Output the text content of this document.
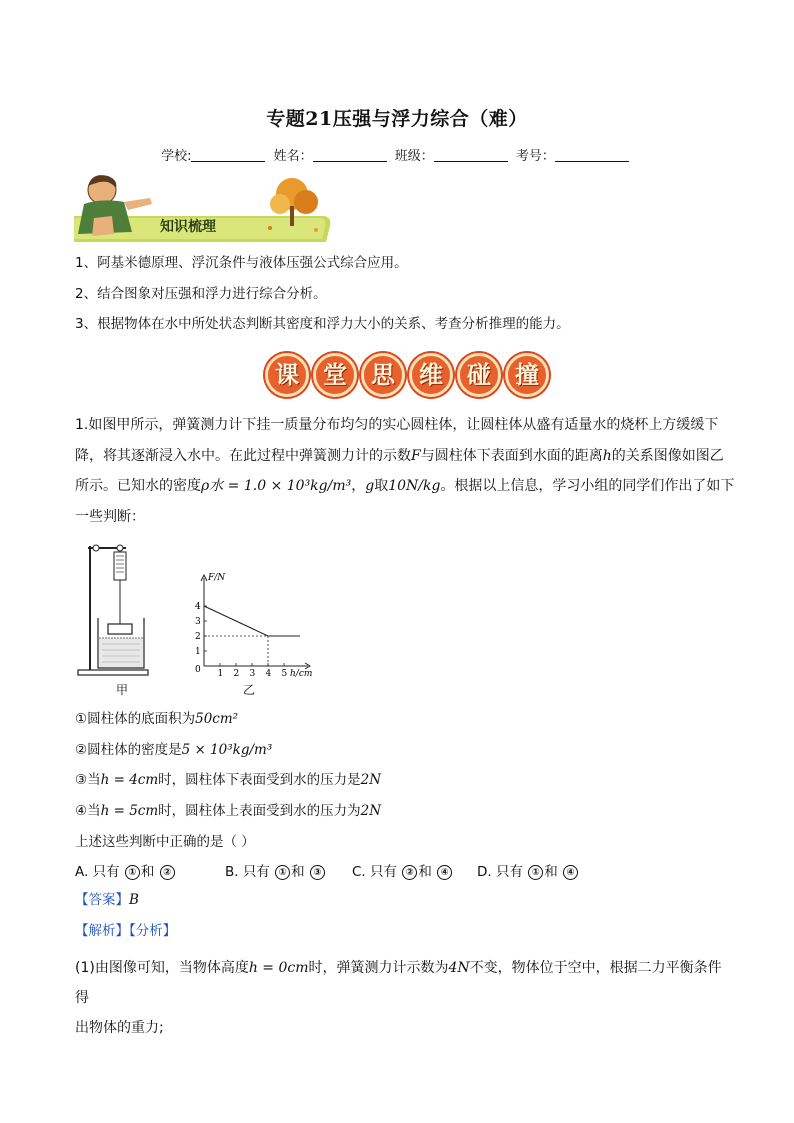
专题21压强与浮力综合（难）
学校:	姓名：	班级：	考号：
知识梳理
1、阿基米德原理、浮沉条件与液体压强公式综合应用。
2、结合图象对压强和浮力进行综合分析。
3、根据物体在水中所处状态判断其密度和浮力大小的关系、考查分析推理的能力。
课 堂 思 维 碰 撞
1.如图甲所示，弹簧测力计下挂一质量分布均匀的实心圆柱体，让圆柱体从盛有适量水的烧杯上方缓缓下
降，将其逐渐浸入水中。在此过程中弹簧测力计的示数F与圆柱体下表面到水面的距离h的关系图像如图乙
所示。已知水的密度ρ水 = 1.0 × 10³kg/m³，g取10N/kg。根据以上信息，学习小组的同学们作出了如下
一些判断：
甲
F/N
h/cm
0 1 2 3 4 5
1
2
3
4
乙
①圆柱体的底面积为50cm²
②圆柱体的密度是5 × 10³kg/m³
③当h = 4cm时，圆柱体下表面受到水的压力是2N
④当h = 5cm时，圆柱体上表面受到水的压力为2N
上述这些判断中正确的是（ ）
A. 只有 ① 和 ②	B. 只有 ① 和 ③	C. 只有 ② 和 ④	D. 只有 ① 和 ④
【答案】B
【解析】【分析】
(1)由图像可知，当物体高度h = 0cm时，弹簧测力计示数为4N不变，物体位于空中，根据二力平衡条件得
出物体的重力;
